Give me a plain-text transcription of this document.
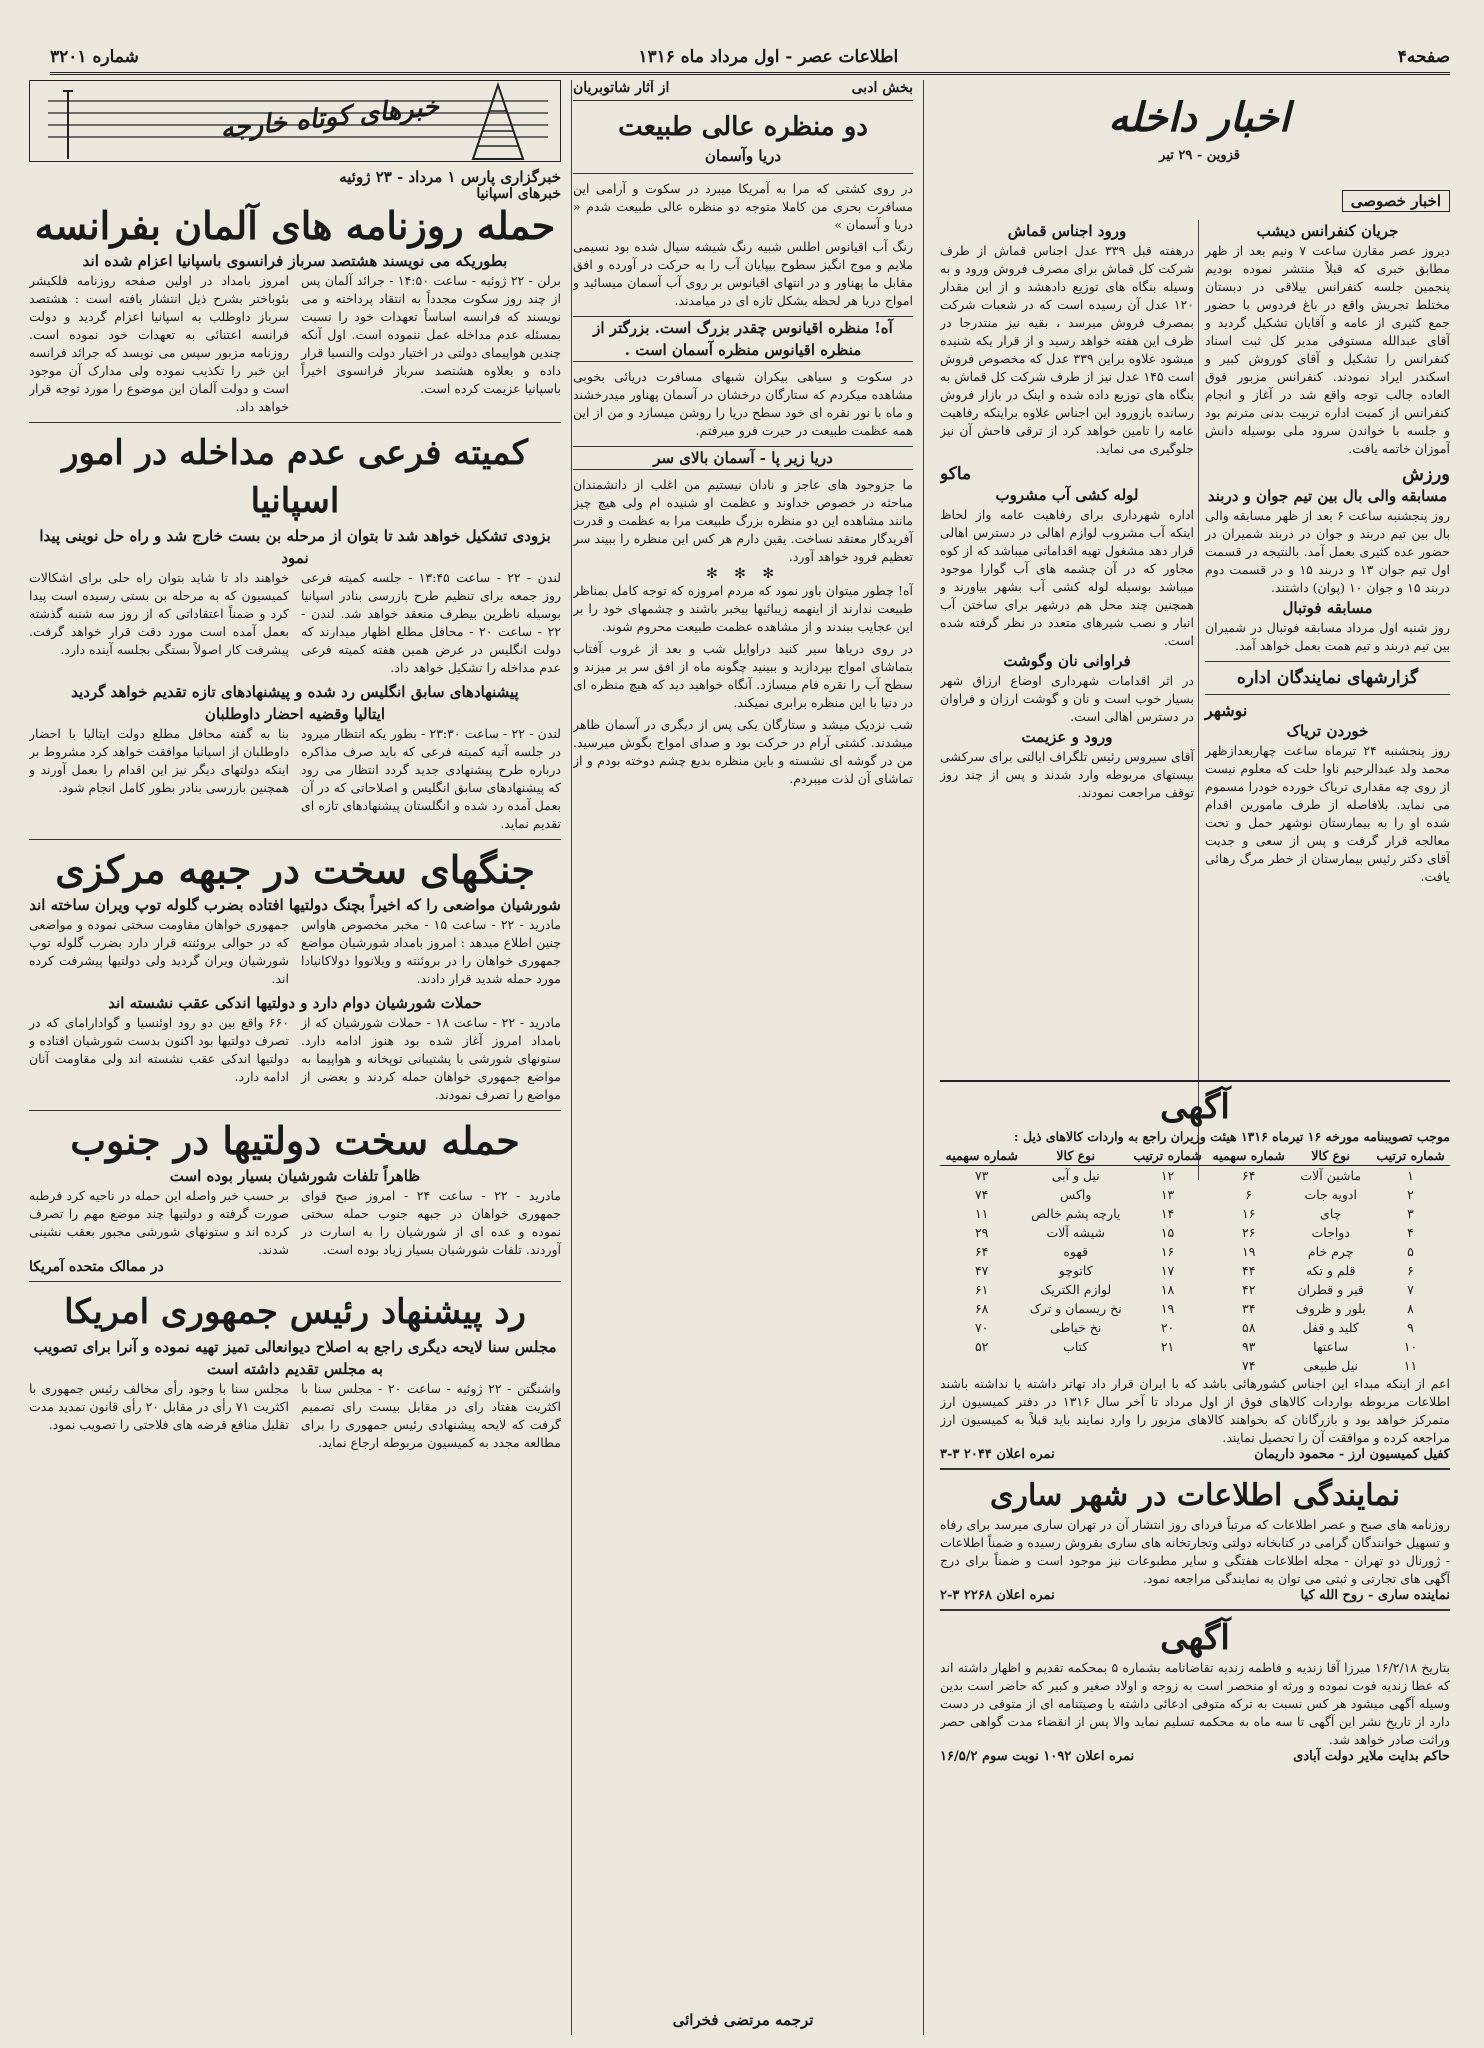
صفحه۴
اطلاعات عصر - اول مرداد ماه ۱۳۱۶
شماره ۳۲۰۱
اخبار داخله
قزوین - ۲۹ تیر
اخبار خصوصی
جریان کنفرانس دیشب
دیروز عصر مقارن ساعت ۷ ونیم بعد از ظهر مطابق خبری که قبلاً منتشر نموده بودیم پنجمین جلسه کنفرانس ییلاقی در دبستان مختلط تجریش واقع در باغ فردوس با حضور جمع کثیری از عامه و آقایان تشکیل گردید و آقای عبدالله مستوفی مدیر کل ثبت اسناد کنفرانس را تشکیل و آقای کوروش کبیر و اسکندر ایراد نمودند. کنفرانس مزبور فوق العاده جالب توجه واقع شد در آغاز و انجام کنفرانس از کمیت اداره تربیت بدنی مترنم بود و جلسه با خواندن سرود ملی بوسیله دانش آموزان خاتمه یافت.
ورزش
مسابقه والی بال بین تیم جوان و دربند
روز پنجشنبه ساعت ۶ بعد از ظهر مسابقه والی بال بین تیم دربند و جوان در دربند شمیران در حضور عده کثیری بعمل آمد. بالنتیجه در قسمت اول تیم جوان ۱۳ و دربند ۱۵ و در قسمت دوم دربند ۱۵ و جوان ۱۰ (پوان) داشتند.
مسابقه فوتبال
روز شنبه اول مرداد مسابقه فوتبال در شمیران بین تیم دربند و تیم همت بعمل خواهد آمد.
گزارشهای نمایندگان اداره
نوشهر
خوردن تریاک
روز پنجشنبه ۲۴ تیرماه ساعت چهاربعدازظهر محمد ولد عبدالرحیم ناوا حلت که معلوم نیست از روی چه مقداری تریاک خورده خودرا مسموم می نماید. بلافاصله از طرف مامورین اقدام شده او را به بیمارستان نوشهر حمل و تحت معالجه قرار گرفت و پس از سعی و جدیت آقای دکتر رئیس بیمارستان از خطر مرگ رهائی یافت.
ورود اجناس قماش
درهفته قبل ۳۳۹ عدل اجناس قماش از طرف شرکت کل قماش برای مصرف فروش ورود و به وسیله بنگاه های توزیع دادهشد و از این مقدار ۱۲۰ عدل آن رسیده است که در شعبات شرکت بمصرف فروش میرسد ، بقیه نیز منتدرجا در ظرف این هفته خواهد رسید و از قرار یکه شنیده میشود علاوه براین ۳۳۹ عدل که مخصوص فروش است ۱۴۵ عدل نیز از طرف شرکت کل قماش به بنگاه های توزیع داده شده و اینک در بازار فروش رسانده بازورود این اجناس علاوه براینکه رفاهیت عامه را تامین خواهد کرد از ترقی فاحش آن نیز جلوگیری می نماید.
ماکو
لوله کشی آب مشروب
اداره شهرداری برای رفاهیت عامه واز لحاظ اینکه آب مشروب لوازم اهالی در دسترس اهالی قرار دهد مشغول تهیه اقداماتی میباشد که از کوه مجاور که در آن چشمه های آب گوارا موجود میباشد بوسیله لوله کشی آب بشهر بیاورند و همچنین چند محل هم درشهر برای ساختن آب انبار و نصب شیرهای متعدد در نظر گرفته شده است.
فراوانی نان وگوشت
در اثر اقدامات شهرداری اوضاع ارزاق شهر بسیار خوب است و نان و گوشت ارزان و فراوان در دسترس اهالی است.
ورود و عزیمت
آقای سیروس رئیس تلگراف ایالتی برای سرکشی بپستهای مربوطه وارد شدند و پس از چند روز توقف مراجعت نمودند.
آگهی
موجب تصویبنامه مورخه ۱۶ تیرماه ۱۳۱۶ هیئت وزیران راجع به واردات کالاهای ذیل :
شماره ترتیب	نوع کالا	شماره سهمیه	شماره ترتیب	نوع کالا	شماره سهمیه
۱	ماشین آلات	۶۴	۱۲	نیل و آبی	۷۳
۲	ادویه جات	۶	۱۳	واکس	۷۴
۳	چای	۱۶	۱۴	یارچه پشم خالص	۱۱
۴	دواجات	۲۶	۱۵	شیشه آلات	۲۹
۵	چرم خام	۱۹	۱۶	قهوه	۶۴
۶	قلم و تکه	۴۴	۱۷	کاتوچو	۴۷
۷	قیر و قطران	۴۲	۱۸	لوازم الکتریک	۶۱
۸	بلور و ظروف	۳۴	۱۹	نخ ریسمان و ترک	۶۸
۹	کلید و قفل	۵۸	۲۰	نخ خیاطی	۷۰
۱۰	ساعتها	۹۳	۲۱	کتاب	۵۲
۱۱	نیل طبیعی	۷۴			
اعم از اینکه مبداء این اجناس کشورهائی باشد که با ایران قرار داد تهاتر داشته یا نداشته باشند اطلاعات مربوطه بواردات کالاهای فوق از اول مرداد تا آخر سال ۱۳۱۶ در دفتر کمیسیون ارز متمرکز خواهد بود و بازرگانان که بخواهند کالاهای مزبور را وارد نمایند باید قبلاً به کمیسیون ارز مراجعه کرده و موافقت آن را تحصیل نمایند.
کفیل کمیسیون ارز - محمود داریمان
نمره اعلان ۲۰۴۴ ۳-۳
نمایندگی اطلاعات در شهر ساری
روزنامه های صبح و عصر اطلاعات که مرتباً فردای روز انتشار آن در تهران ساری میرسد برای رفاه و تسهیل خوانندگان گرامی در کتابخانه دولتی وتجارتخانه های ساری بفروش رسیده و ضمناً اطلاعات - ژورنال دو تهران - مجله اطلاعات هفتگی و سایر مطبوعات نیز موجود است و ضمناً برای درج آگهی های تجارتی و ثبتی می توان به نمایندگی مراجعه نمود.
نماینده ساری - روح الله کیا
نمره اعلان ۲۲۶۸ ۳-۲
آگهی
بتاریخ ۱۶/۲/۱۸ میرزا آقا زندیه و فاطمه زندیه تقاضانامه بشماره ۵ بمحکمه تقدیم و اظهار داشته اند که عطا زندیه فوت نموده و ورثه او منحصر است به زوجه و اولاد صغیر و کبیر که حاضر است بدین وسیله آگهی میشود هر کس نسبت به ترکه متوفی ادعائی داشته یا وصیتنامه ای از متوفی در دست دارد از تاریخ نشر این آگهی تا سه ماه به محکمه تسلیم نماید والا پس از انقضاء مدت گواهی حصر وراثت صادر خواهد شد.
حاکم بدایت ملایر دولت آبادی
نمره اعلان ۱۰۹۲ نوبت سوم ۱۶/۵/۲
بخش ادبی
از آثار شاتوبریان
دو منظره عالی طبیعت
دریا وآسمان
در روی کشتی که مرا به آمریکا میبرد در سکوت و آرامی این مسافرت بحری من کاملا متوجه دو منظره عالی طبیعت شدم « دریا و آسمان »
رنگ آب اقیانوس اطلس شبیه رنگ شیشه سیال شده بود نسیمی ملایم و موج انگیز سطوح بیپایان آب را به حرکت در آورده و افق مقابل ما پهناور و در انتهای اقیانوس بر روی آب آسمان میسائید و امواج دریا هر لحظه بشکل تازه ای در میامدند.
آه! منظره اقیانوس چقدر بزرگ است. بزرگتر از منظره اقیانوس منظره آسمان است .
در سکوت و سیاهی بیکران شبهای مسافرت دریائی بخوبی مشاهده میکردم که ستارگان درخشان در آسمان پهناور میدرخشند و ماه با نور نقره ای خود سطح دریا را روشن میسازد و من از این همه عظمت طبیعت در حیرت فرو میرفتم.
دریا زیر پا - آسمان بالای سر
ما جزوجود های عاجز و نادان نیستیم من اغلب از دانشمندان مباحثه در خصوص خداوند و عظمت او شنیده ام ولی هیچ چیز مانند مشاهده این دو منظره بزرگ طبیعت مرا به عظمت و قدرت آفریدگار معتقد نساخت. یقین دارم هر کس این منظره را ببیند سر تعظیم فرود خواهد آورد.
✻ ✻ ✻
آه! چطور میتوان باور نمود که مردم امروزه که توجه کامل بمناظر طبیعت ندارند از اینهمه زیبائیها بیخبر باشند و چشمهای خود را بر این عجایب ببندند و از مشاهده عظمت طبیعت محروم شوند.
در روی دریاها سیر کنید دراوایل شب و بعد از غروب آفتاب بتماشای امواج بپردازید و ببینید چگونه ماه از افق سر بر میزند و سطح آب را نقره فام میسازد. آنگاه خواهید دید که هیچ منظره ای در دنیا با این منظره برابری نمیکند.
شب نزدیک میشد و ستارگان یکی پس از دیگری در آسمان ظاهر میشدند. کشتی آرام در حرکت بود و صدای امواج بگوش میرسید. من در گوشه ای نشسته و باین منظره بدیع چشم دوخته بودم و از تماشای آن لذت میبردم.
ترجمه مرتضی فخرائی
خبرهای کوتاه خارجه
خبرگزاری پارس ۱ مرداد - ۲۳ ژوئیه
خبرهای اسپانیا
حمله روزنامه های آلمان بفرانسه
بطوریکه می نویسند هشتصد سرباز فرانسوی باسپانیا اعزام شده اند
برلن - ۲۲ ژوئیه - ساعت ۱۴:۵۰ - جرائد آلمان پس از چند روز سکوت مجدداً به انتقاد پرداخته و می نویسند که فرانسه اساساً تعهدات خود را نسبت بمسئله عدم مداخله عمل ننموده است. اول آنکه چندین هواپیمای دولتی در اختیار دولت والنسیا قرار داده و بعلاوه هشتصد سرباز فرانسوی اخیراً باسپانیا عزیمت کرده است.
امروز بامداد در اولین صفحه روزنامه فلکیشر بئوباختر بشرح ذیل انتشار یافته است : هشتصد سرباز داوطلب به اسپانیا اعزام گردید و دولت فرانسه اعتنائی به تعهدات خود نموده است. روزنامه مزبور سپس می نویسد که جرائد فرانسه این خبر را تکذیب نموده ولی مدارک آن موجود است و دولت آلمان این موضوع را مورد توجه قرار خواهد داد.
کمیته فرعی عدم مداخله در امور اسپانیا
بزودی تشکیل خواهد شد تا بتوان از مرحله بن بست خارج شد و راه حل نوینی پیدا نمود
لندن - ۲۲ - ساعت ۱۳:۴۵ - جلسه کمیته فرعی روز جمعه برای تنظیم طرح بازرسی بنادر اسپانیا بوسیله ناظرین بیطرف منعقد خواهد شد. لندن - ۲۲ - ساعت ۲۰ - محافل مطلع اظهار میدارند که دولت انگلیس در عرض همین هفته کمیته فرعی عدم مداخله را تشکیل خواهد داد.
خواهند داد تا شاید بتوان راه حلی برای اشکالات کمیسیون که به مرحله بن بستی رسیده است پیدا کرد و ضمناً اعتقاداتی که از روز سه شنبه گذشته بعمل آمده است مورد دقت قرار خواهد گرفت. پیشرفت کار اصولاً بستگی بجلسه آینده دارد.
پیشنهادهای سابق انگلیس رد شده و پیشنهادهای تازه تقدیم خواهد گردید
ایتالیا وقضیه احضار داوطلبان
لندن - ۲۲ - ساعت ۲۳:۳۰ - بطور یکه انتظار میرود در جلسه آتیه کمیته فرعی که باید صرف مذاکره درباره طرح پیشنهادی جدید گردد انتظار می رود که پیشنهادهای سابق انگلیس و اصلاحاتی که در آن بعمل آمده رد شده و انگلستان پیشنهادهای تازه ای تقدیم نماید.
بنا به گفته محافل مطلع دولت ایتالیا با احضار داوطلبان از اسپانیا موافقت خواهد کرد مشروط بر اینکه دولتهای دیگر نیز این اقدام را بعمل آورند و همچنین بازرسی بنادر بطور کامل انجام شود.
جنگهای سخت در جبهه مرکزی
شورشیان مواضعی را که اخیراً بچنگ دولتیها افتاده بضرب گلوله توپ ویران ساخته اند
مادرید - ۲۲ - ساعت ۱۵ - مخبر مخصوص هاواس چنین اطلاع میدهد : امروز بامداد شورشیان مواضع جمهوری خواهان را در بروئنته و ویلانووا دولاکانیادا مورد حمله شدید قرار دادند.
جمهوری خواهان مقاومت سختی نموده و مواضعی که در حوالی بروئنته قرار دارد بضرب گلوله توپ شورشیان ویران گردید ولی دولتیها پیشرفت کرده اند.
حملات شورشیان دوام دارد و دولتیها اندکی عقب نشسته اند
مادرید - ۲۲ - ساعت ۱۸ - حملات شورشیان که از بامداد امروز آغاز شده بود هنوز ادامه دارد. ستونهای شورشی با پشتیبانی توپخانه و هواپیما به مواضع جمهوری خواهان حمله کردند و بعضی از مواضع را تصرف نمودند.
۶۶۰ واقع بین دو رود اوئنسیا و گوادارامای که در تصرف دولتیها بود اکنون بدست شورشیان افتاده و دولتیها اندکی عقب نشسته اند ولی مقاومت آنان ادامه دارد.
حمله سخت دولتیها در جنوب
ظاهراً تلفات شورشیان بسیار بوده است
مادرید - ۲۲ - ساعت ۲۴ - امروز صبح قوای جمهوری خواهان در جبهه جنوب حمله سختی نموده و عده ای از شورشیان را به اسارت در آوردند. تلفات شورشیان بسیار زیاد بوده است.
بر حسب خبر واصله این حمله در ناحیه کرد فرطبه صورت گرفته و دولتیها چند موضع مهم را تصرف کرده اند و ستونهای شورشی مجبور بعقب نشینی شدند.
در ممالک متحده آمریکا
رد پیشنهاد رئیس جمهوری امریکا
مجلس سنا لایحه دیگری راجع به اصلاح دیوانعالی تمیز تهیه نموده و آنرا برای تصویب به مجلس تقدیم داشته است
واشنگتن - ۲۲ ژوئیه - ساعت ۲۰ - مجلس سنا با اکثریت هفتاد رای در مقابل بیست رای تصمیم گرفت که لایحه پیشنهادی رئیس جمهوری را برای مطالعه مجدد به کمیسیون مربوطه ارجاع نماید.
مجلس سنا با وجود رأی مخالف رئیس جمهوری با اکثریت ۷۱ رأی در مقابل ۲۰ رأی قانون تمدید مدت تقلیل منافع قرضه های فلاحتی را تصویب نمود.
